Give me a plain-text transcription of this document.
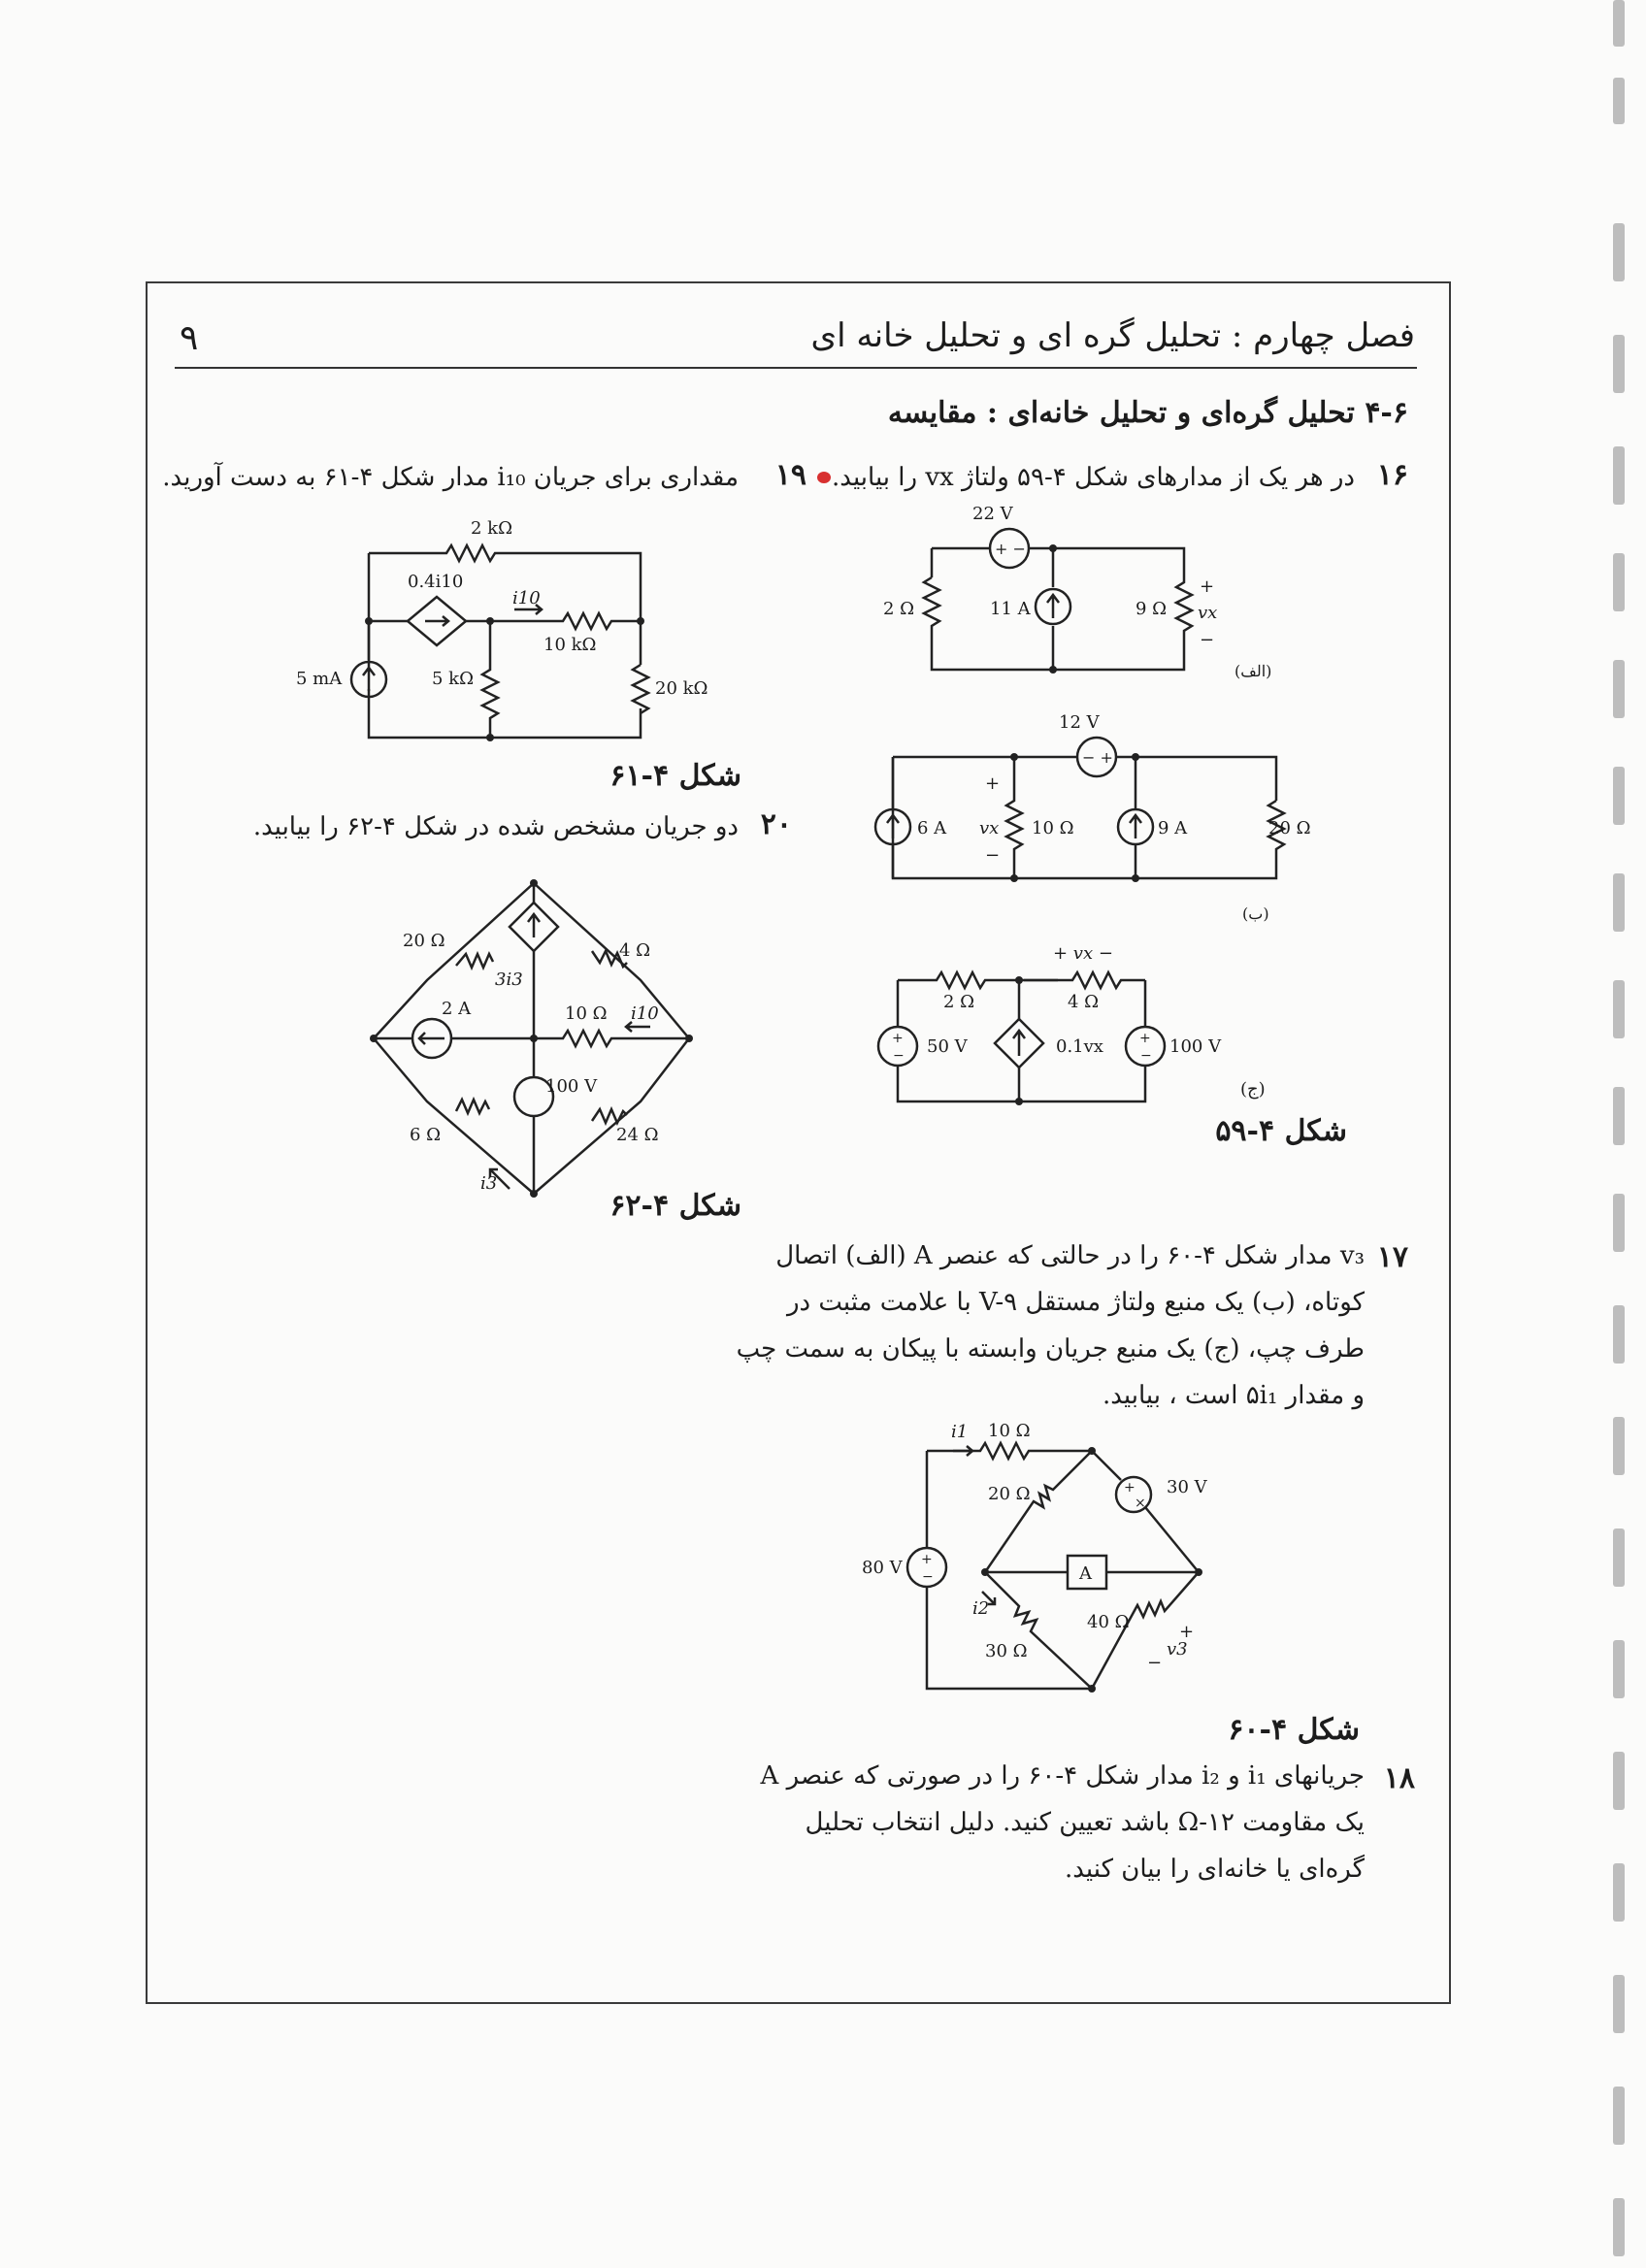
۹	فصل چهارم : تحلیل گره ای و تحلیل خانه ای
۴-۶ تحلیل گره‌ای و تحلیل خانه‌ای : مقایسه
۱۶
در هر یک از مدارهای شکل ۴-۵۹ ولتاژ vx را بیابید.
۱۹
مقداری برای جریان i₁₀ مدار شکل ۴-۶۱ به دست آورید.
2 kΩ
0.4i10
i10
10 kΩ
5 mA	5 kΩ	20 kΩ
شکل ۴-۶۱
۲۰
دو جریان مشخص شده در شکل ۴-۶۲ را بیابید.
20 Ω
3i3
4 Ω
2 A	10 Ω i10
100 V
6 Ω	24 Ω
i3
شکل ۴-۶۲
+ −
22 V
2 Ω	11 A	9 Ω
+
vx
−
(الف)
− +
12 V
6 A
+
vx
−
10 Ω	9 A	20 Ω
(ب)
+
−
+
−
2 Ω	4 Ω
+ vx −
50 V	0.1vx	100 V
(ج)
شکل ۴-۵۹
۱۷
v₃ مدار شکل ۴-۶۰ را در حالتی که عنصر A (الف) اتصال
کوتاه، (ب) یک منبع ولتاژ مستقل V-۹ با علامت مثبت در
طرف چپ، (ج) یک منبع جریان وابسته با پیکان به سمت چپ
و مقدار ۵i₁ است ، بیابید.
+
−
+
×
i1 10 Ω
20 Ω	30 V
80 V	A
i2
40 Ω	+
v3
−
30 Ω
شکل ۴-۶۰
۱۸
جریانهای i₁ و i₂ مدار شکل ۴-۶۰ را در صورتی که عنصر A
یک مقاومت Ω-۱۲ باشد تعیین کنید. دلیل انتخاب تحلیل
گره‌ای یا خانه‌ای را بیان کنید.
